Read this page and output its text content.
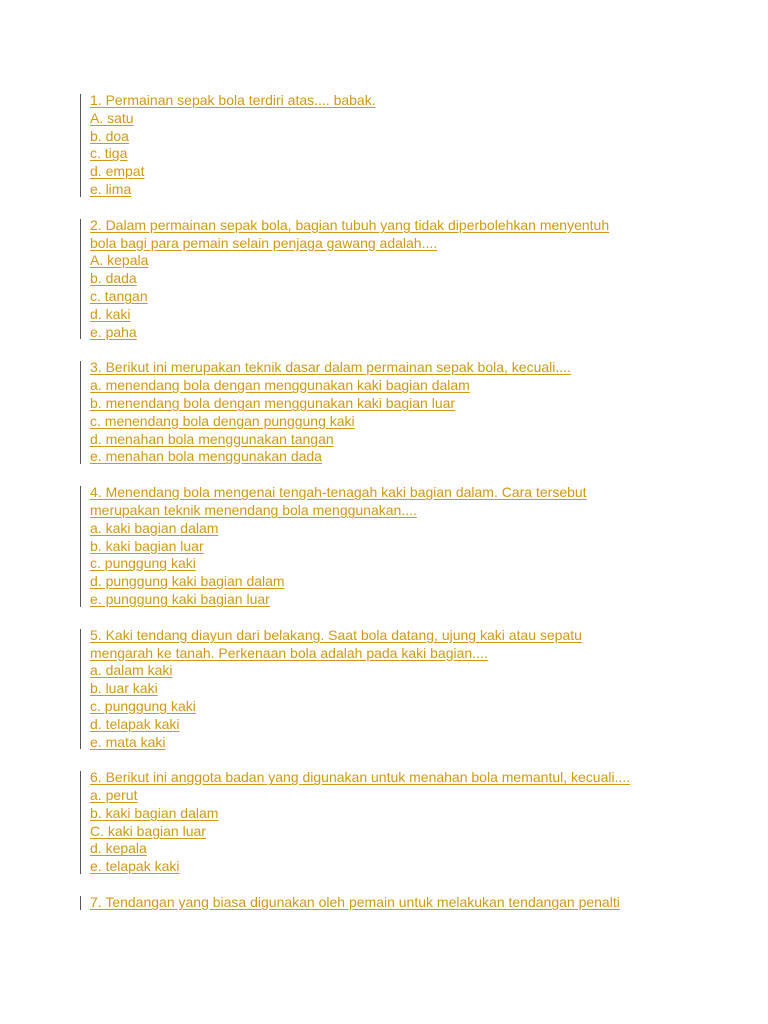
1. Permainan sepak bola terdiri atas.... babak.
A. satu
b. doa
c. tiga
d. empat
e. lima
2. Dalam permainan sepak bola, bagian tubuh yang tidak diperbolehkan menyentuh
bola bagi para pemain selain penjaga gawang adalah....
A. kepala
b. dada
c. tangan
d. kaki
e. paha
3. Berikut ini merupakan teknik dasar dalam permainan sepak bola, kecuali....
a. menendang bola dengan menggunakan kaki bagian dalam
b. menendang bola dengan menggunakan kaki bagian luar
c. menendang bola dengan punggung kaki
d. menahan bola menggunakan tangan
e. menahan bola menggunakan dada
4. Menendang bola mengenai tengah-tenagah kaki bagian dalam. Cara tersebut
merupakan teknik menendang bola menggunakan....
a. kaki bagian dalam
b. kaki bagian luar
c. punggung kaki
d. punggung kaki bagian dalam
e. punggung kaki bagian luar
5. Kaki tendang diayun dari belakang. Saat bola datang, ujung kaki atau sepatu
mengarah ke tanah. Perkenaan bola adalah pada kaki bagian....
a. dalam kaki
b. luar kaki
c. punggung kaki
d. telapak kaki
e. mata kaki
6. Berikut ini anggota badan yang digunakan untuk menahan bola memantul, kecuali....
a. perut
b. kaki bagian dalam
C. kaki bagian luar
d. kepala
e. telapak kaki
7. Tendangan yang biasa digunakan oleh pemain untuk melakukan tendangan penalti
